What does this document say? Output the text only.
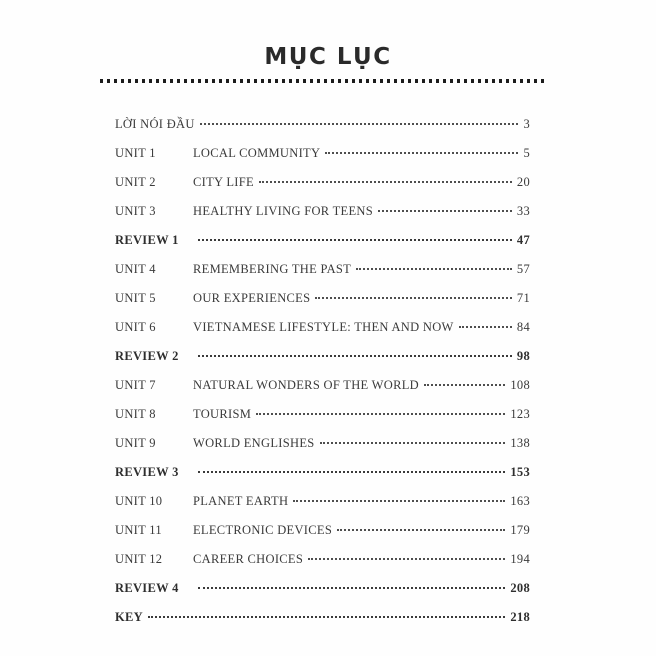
MỤC LỤC
LỜI NÓI ĐẦU	3
UNIT 1	LOCAL COMMUNITY	5
UNIT 2	CITY LIFE	20
UNIT 3	HEALTHY LIVING FOR TEENS	33
REVIEW 1	47
UNIT 4	REMEMBERING THE PAST	57
UNIT 5	OUR EXPERIENCES	71
UNIT 6	VIETNAMESE LIFESTYLE: THEN AND NOW	84
REVIEW 2	98
UNIT 7	NATURAL WONDERS OF THE WORLD	108
UNIT 8	TOURISM	123
UNIT 9	WORLD ENGLISHES	138
REVIEW 3	153
UNIT 10	PLANET EARTH	163
UNIT 11	ELECTRONIC DEVICES	179
UNIT 12	CAREER CHOICES	194
REVIEW 4	208
KEY	218
